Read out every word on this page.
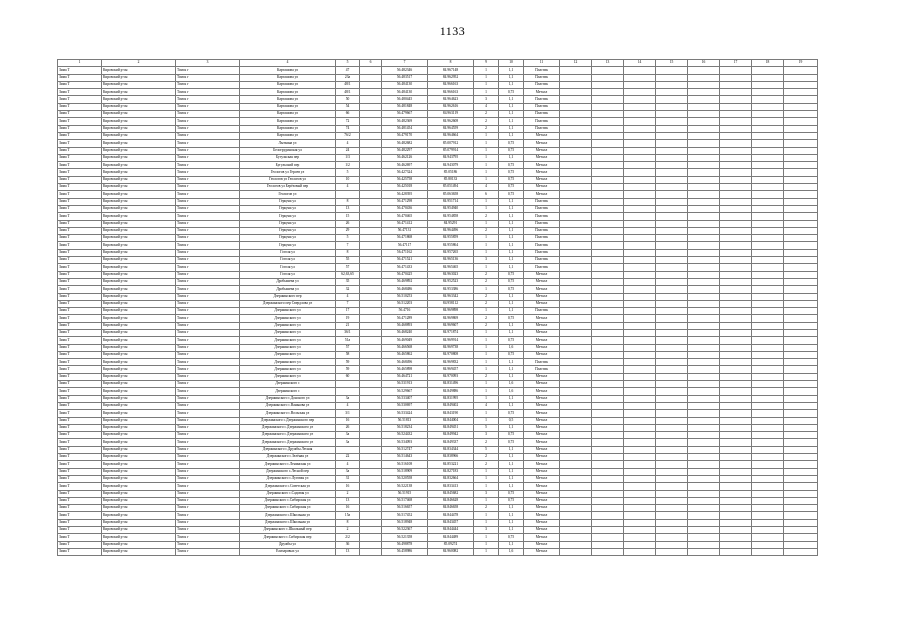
1133
1	2	3	4	5	6	7	8	9	10	11	12	13	14	15	16	17	18	19
Зима Т	Кировский р-он	Томск г	Карташова ул	47		56.482346	84.967148	1	1,1	Пластик								
Зима Т	Кировский р-он	Томск г	Карташова ул	23а		56.483517	84.962952	1	1,1	Пластик								
Зима Т	Кировский р-он	Томск г	Карташова ул	48/1		56.484130	84.966163	1	1,1	Пластик								
Зима Т	Кировский р-он	Томск г	Карташова ул	48/1		56.484130	84.966163	1	0,75	Металл								
Зима Т	Кировский р-он	Томск г	Карташова ул	50		56.480445	84.964623	3	1,1	Пластик								
Зима Т	Кировский р-он	Томск г	Карташова ул	54		56.481848	84.962616	4	1,1	Пластик								
Зима Т	Кировский р-он	Томск г	Карташова ул	66		56.479667	84.963119	2	1,1	Пластик								
Зима Т	Кировский р-он	Томск г	Карташова ул	72		56.482369	84.962608	2	1,1	Пластик								
Зима Т	Кировский р-он	Томск г	Карташова ул	74		56.481454	84.964559	2	1,1	Пластик								
Зима Т	Кировский р-он	Томск г	Карташова ул	76/2		56.479170	84.964664	1	1,1	Металл								
Зима Т	Кировский р-он	Томск г	Лыткина ул	4		56.482682	85.007912	1	0,75	Металл								
Зима Т	Кировский р-он	Томск г	Белогрудинская ул	24		56.482297	85.079914	1	0,75	Металл								
Зима Т	Кировский р-он	Томск г	Бугульская пер	1/3		56.462126	84.943795	1	1,1	Металл								
Зима Т	Кировский р-он	Томск г	Бугульский пер	1/2		56.462697	84.943079	1	0,75	Металл								
Зима Т	Кировский р-он	Томск г	Геологов ул Героев ул	5		56.427324	85.05186	1	0,75	Металл								
Зима Т	Кировский р-он	Томск г	Геологов ул Геологов ул	10		56.425758	85.80133	1	0,75	Металл								
Зима Т	Кировский р-он	Томск г	Геологов ул Берёзовый пер	4		56.425018	85.051494	4	0,75	Металл								
Зима Т	Кировский р-он	Томск г	Геологов ул			56.428395	85.063658	6	0,75	Металл								
Зима Т	Кировский р-он	Томск г	Герцена ул	8		56.471298	84.951714	1	1,1	Пластик								
Зима Т	Кировский р-он	Томск г	Герцена ул	13		56.470436	84.954940	1	1,1	Пластик								
Зима Т	Кировский р-он	Томск г	Герцена ул	15		56.470465	84.954858	2	1,1	Пластик								
Зима Т	Кировский р-он	Томск г	Герцена ул	26		56.471412	84.95291	1	1,1	Пластик								
Зима Т	Кировский р-он	Томск г	Герцена ул	29		56.47131	84.964496	2	1,1	Пластик								
Зима Т	Кировский р-он	Томск г	Герцена ул	5		56.471868	84.955859	1	1,1	Пластик								
Зима Т	Кировский р-он	Томск г	Герцена ул	7		56.47117	84.955864	1	1,1	Пластик								
Зима Т	Кировский р-он	Томск г	Гоголя ул	8		56.471162	84.957265	1	1,1	Пластик								
Зима Т	Кировский р-он	Томск г	Гоголя ул	55		56.471521	84.965136	3	1,1	Пластик								
Зима Т	Кировский р-он	Томск г	Гоголя ул	57		56.471433	84.965465	1	1,1	Пластик								
Зима Т	Кировский р-он	Томск г	Гоголя ул	62,63,65		56.470425	84.963023	2	0,75	Металл								
Зима Т	Кировский р-он	Томск г	Дробышева ул	35		56.469892	84.952523	2	0,75	Металл								
Зима Т	Кировский р-он	Томск г	Дробышева ул	32		56.468486	84.953386	1	0,75	Металл								
Зима Т	Кировский р-он	Томск г	Дзержинского пер	4		56.510253	84.963342	2	1,1	Металл								
Зима Т	Кировский р-он	Томск г	Дзержинского пер Свердлова ул	7		56.512203	84.958112	2	1,1	Металл								
Зима Т	Кировский р-он	Томск г	Дзержинского ул	17		56.4716	84.969898	1	1,1	Пластик								
Зима Т	Кировский р-он	Томск г	Дзержинского ул	19		56.471289	84.969869	2	0,75	Металл								
Зима Т	Кировский р-он	Томск г	Дзержинского ул	21		56.468893	84.969607	2	1,1	Металл								
Зима Т	Кировский р-он	Томск г	Дзержинского ул	36/1		56.468240	84.971874	1	1,1	Металл								
Зима Т	Кировский р-он	Томск г	Дзержинского ул	51а		56.469049	84.969914	1	0,75	Металл								
Зима Т	Кировский р-он	Томск г	Дзержинского ул	57		56.466568	84.969738	1	1,6	Металл								
Зима Т	Кировский р-он	Томск г	Дзержинского ул	58		56.465862	84.970808	1	0,75	Металл								
Зима Т	Кировский р-он	Томск г	Дзержинского ул	59		56.468496	84.969832	1	1,1	Пластик								
Зима Т	Кировский р-он	Томск г	Дзержинского ул	59		56.465898	84.969457	1	1,1	Пластик								
Зима Т	Кировский р-он	Томск г	Дзержинского ул	60		56.464721	84.970093	2	1,1	Металл								
Зима Т	Кировский р-он	Томск г	Дзержинского с			56.531913	84.831496	1	1,6	Металл								
Зима Т	Кировский р-он	Томск г	Дзержинского с			56.529667	84.849886	1	1,6	Металл								
Зима Т	Кировский р-он	Томск г	Дзержинского с.Донского ул	3а		56.533407	84.831995	1	1,1	Металл								
Зима Т	Кировский р-он	Томск г	Дзержинского с.Ванькова ул	4		56.530697	84.849402	4	1,1	Металл								
Зима Т	Кировский р-он	Томск г	Дзержинского с.Вольская ул	3/1		56.533424	84.843190	1	0,75	Металл								
Зима Т	Кировский р-он	Томск г	Дзержинского с.Дзержинского пер	16		56.51813	84.844004	1	0,5	Металл								
Зима Т	Кировский р-он	Томск г	Дзержинского с.Дзержинского ул	26		56.518234	84.849451	5	1,1	Металл								
Зима Т	Кировский р-он	Томск г	Дзержинского с.Дзержинского ул	3а		56.524432	84.849942	3	0,75	Металл								
Зима Т	Кировский р-он	Томск г	Дзержинского с.Дзержинского ул	3а		56.534093	84.849337	2	0,75	Металл								
Зима Т	Кировский р-он	Томск г	Дзержинского с.Дружбы Лесная			56.512747	84.834344	5	1,1	Металл								
Зима Т	Кировский р-он	Томск г	Дзержинского с.Зелёная ул	22		56.514643	84.838966	2	1,1	Металл								
Зима Т	Кировский р-он	Томск г	Дзержинского с.Ленинская ул	4		56.516108	84.853221	2	1,1	Металл								
Зима Т	Кировский р-он	Томск г	Дзержинского с.Лесной пер	3а		56.518909	84.827183	1	1,1	Металл								
Зима Т	Кировский р-он	Томск г	Дзержинского с.Луговая ул	31		56.520558	84.832664	1	1,1	Металл								
Зима Т	Кировский р-он	Томск г	Дзержинского с.Советская ул	16		56.522138	84.833413	1	1,1	Металл								
Зима Т	Кировский р-он	Томск г	Дзержинского с.Садовая ул	2		56.51915	84.845682	3	0,75	Металл								
Зима Т	Кировский р-он	Томск г	Дзержинского с.Сибирская ул	13		56.517468	84.846628	1	0,75	Металл								
Зима Т	Кировский р-он	Томск г	Дзержинского с.Сибирская ул	16		56.516657	84.846658	2	1,1	Металл								
Зима Т	Кировский р-он	Томск г	Дзержинского с.Школьная ул	15а		56.517452	84.844478	1	1,1	Металл								
Зима Т	Кировский р-он	Томск г	Дзержинского с.Школьная ул	8		56.518948	84.843457	1	1,1	Металл								
Зима Т	Кировский р-он	Томск г	Дзержинского с.Школьный пер	2		56.522367	84.844444	3	1,1	Металл								
Зима Т	Кировский р-он	Томск г	Дзержинского с.Сибирская пер	2/2		56.521358	84.844489	1	0,75	Металл								
Зима Т	Кировский р-он	Томск г	Дружбы ул	36		56.498878	85.09274	1	1,1	Металл								
Зима Т	Кировский р-он	Томск г	Елизаровых ул	13		56.458986	84.960082	1	1,6	Металл								
